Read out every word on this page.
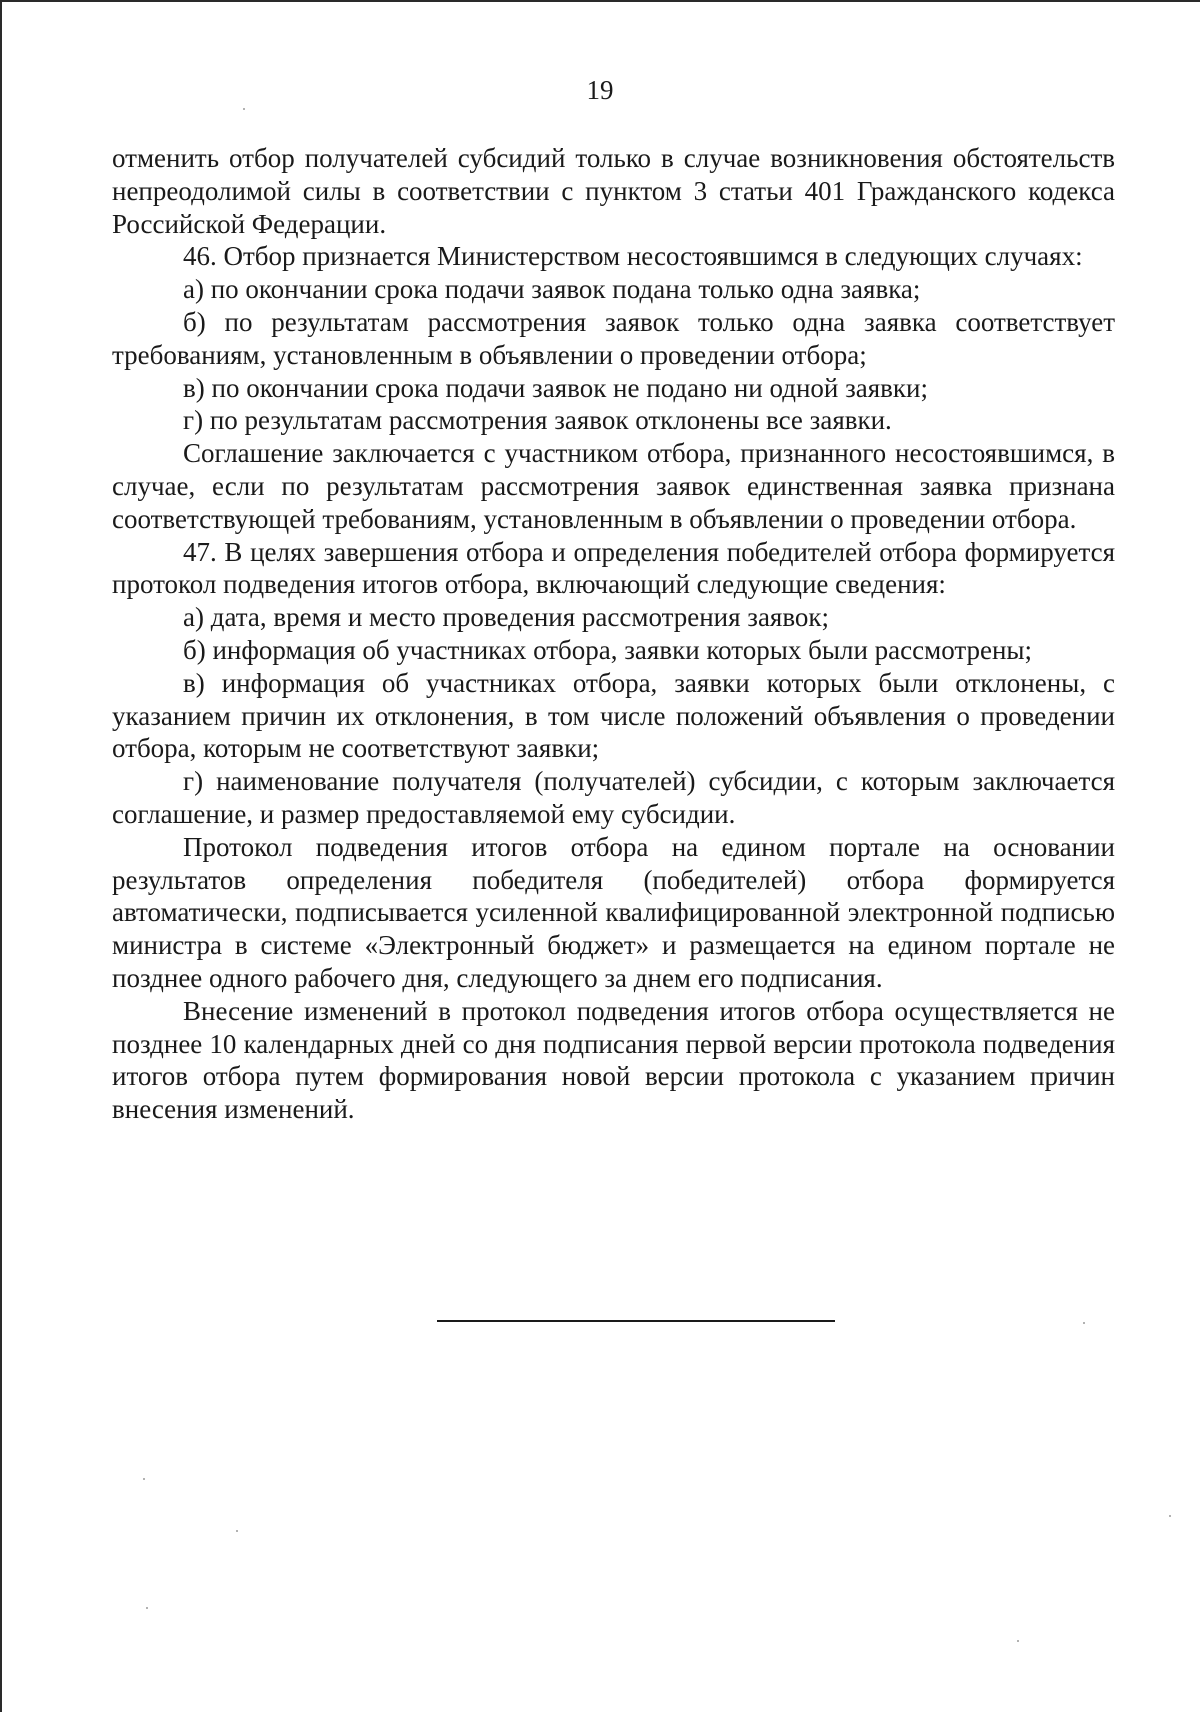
19

отменить отбор получателей субсидий только в случае возникновения обстоятельств непреодолимой силы в соответствии с пунктом 3 статьи 401 Гражданского кодекса Российской Федерации.

46. Отбор признается Министерством несостоявшимся в следующих случаях:

а) по окончании срока подачи заявок подана только одна заявка;

б) по результатам рассмотрения заявок только одна заявка соответствует требованиям, установленным в объявлении о проведении отбора;

в) по окончании срока подачи заявок не подано ни одной заявки;

г) по результатам рассмотрения заявок отклонены все заявки.

Соглашение заключается с участником отбора, признанного несостоявшимся, в случае, если по результатам рассмотрения заявок единственная заявка признана соответствующей требованиям, установленным в объявлении о проведении отбора.

47. В целях завершения отбора и определения победителей отбора формируется протокол подведения итогов отбора, включающий следующие сведения:

а) дата, время и место проведения рассмотрения заявок;

б) информация об участниках отбора, заявки которых были рассмотрены;

в) информация об участниках отбора, заявки которых были отклонены, с указанием причин их отклонения, в том числе положений объявления о проведении отбора, которым не соответствуют заявки;

г) наименование получателя (получателей) субсидии, с которым заключается соглашение, и размер предоставляемой ему субсидии.

Протокол подведения итогов отбора на едином портале на основании результатов определения победителя (победителей) отбора формируется автоматически, подписывается усиленной квалифицированной электронной подписью министра в системе «Электронный бюджет» и размещается на едином портале не позднее одного рабочего дня, следующего за днем его подписания.

Внесение изменений в протокол подведения итогов отбора осуществляется не позднее 10 календарных дней со дня подписания первой версии протокола подведения итогов отбора путем формирования новой версии протокола с указанием причин внесения изменений.
